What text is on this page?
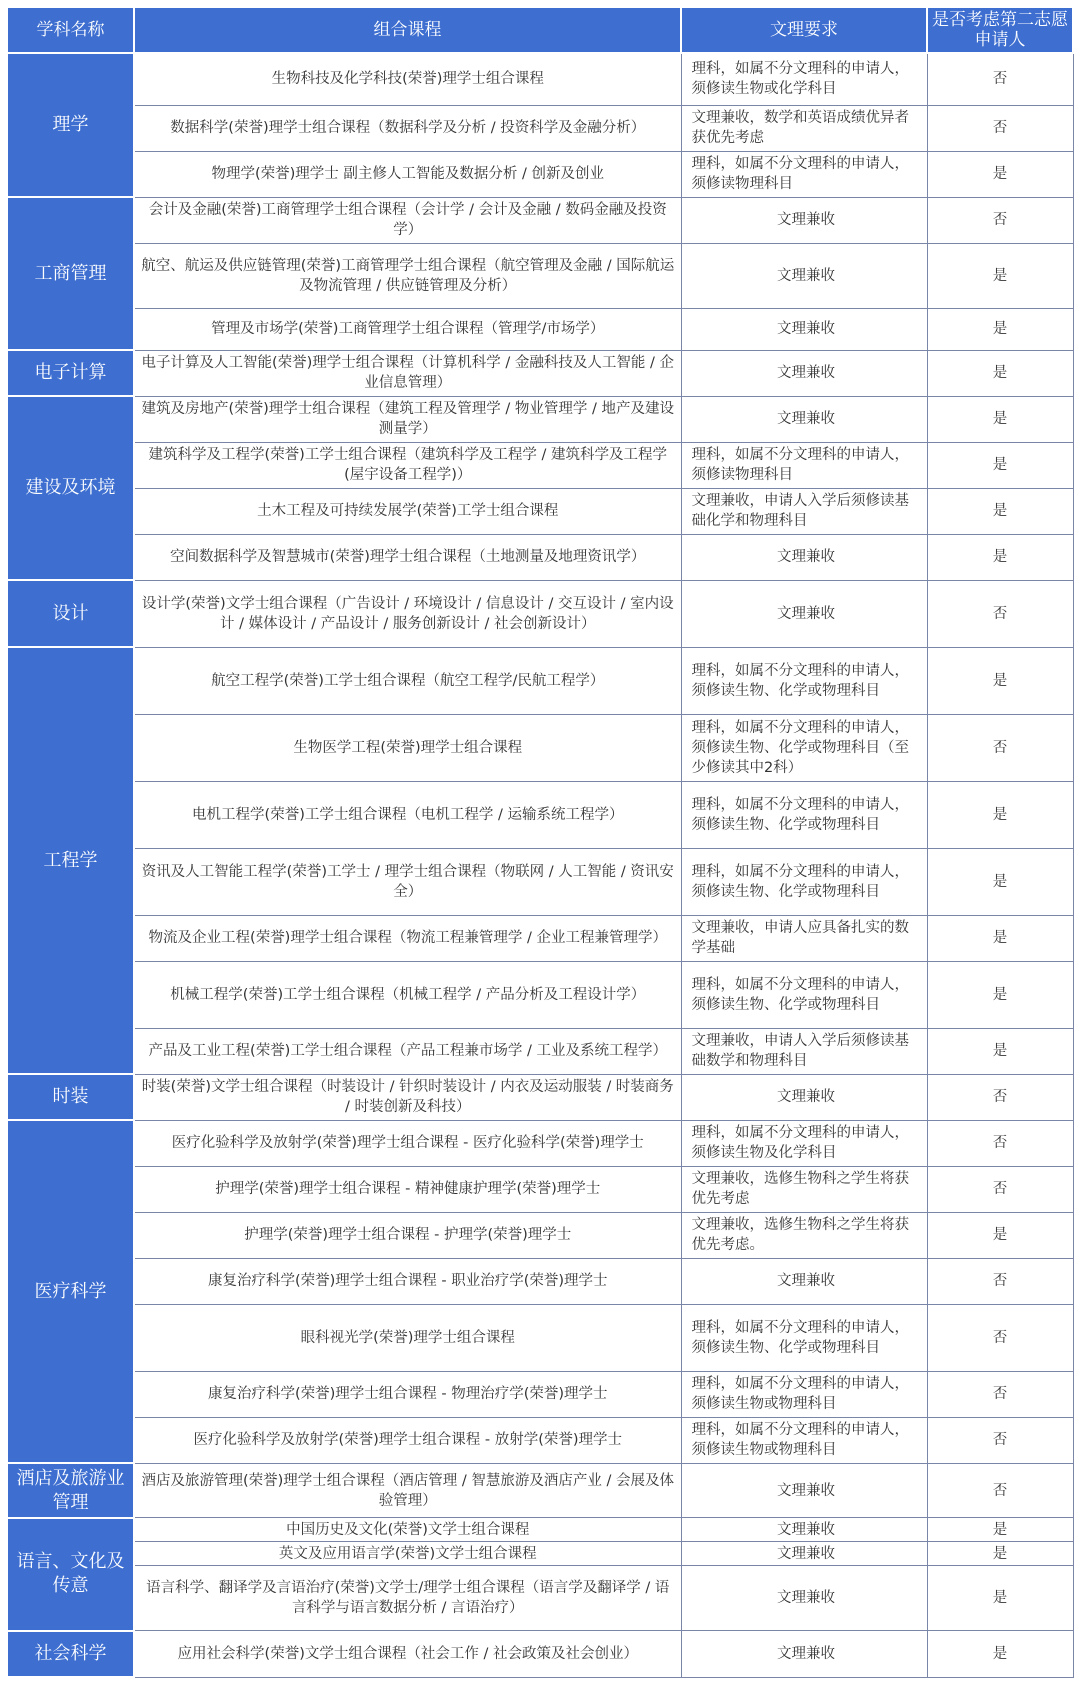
学科名称	组合课程	文理要求	是否考虑第二志愿申请人
理学	生物科技及化学科技(荣誉)理学士组合课程	理科，如属不分文理科的申请人，须修读生物或化学科目	否
	数据科学(荣誉)理学士组合课程（数据科学及分析 / 投资科学及金融分析）	文理兼收，数学和英语成绩优异者获优先考虑	否
	物理学(荣誉)理学士 副主修人工智能及数据分析 / 创新及创业	理科，如属不分文理科的申请人，须修读物理科目	是
工商管理	会计及金融(荣誉)工商管理学士组合课程（会计学 / 会计及金融 / 数码金融及投资学）	文理兼收	否
	航空、航运及供应链管理(荣誉)工商管理学士组合课程（航空管理及金融 / 国际航运及物流管理 / 供应链管理及分析）	文理兼收	是
	管理及市场学(荣誉)工商管理学士组合课程（管理学/市场学）	文理兼收	是
电子计算	电子计算及人工智能(荣誉)理学士组合课程（计算机科学 / 金融科技及人工智能 / 企业信息管理）	文理兼收	是
建设及环境	建筑及房地产(荣誉)理学士组合课程（建筑工程及管理学 / 物业管理学 / 地产及建设测量学）	文理兼收	是
	建筑科学及工程学(荣誉)工学士组合课程（建筑科学及工程学 / 建筑科学及工程学(屋宇设备工程学)）	理科，如属不分文理科的申请人，须修读物理科目	是
	土木工程及可持续发展学(荣誉)工学士组合课程	文理兼收，申请人入学后须修读基础化学和物理科目	是
	空间数据科学及智慧城市(荣誉)理学士组合课程（土地测量及地理资讯学）	文理兼收	是
设计	设计学(荣誉)文学士组合课程（广告设计 / 环境设计 / 信息设计 / 交互设计 / 室内设计 / 媒体设计 / 产品设计 / 服务创新设计 / 社会创新设计）	文理兼收	否
工程学	航空工程学(荣誉)工学士组合课程（航空工程学/民航工程学）	理科，如属不分文理科的申请人，须修读生物、化学或物理科目	是
	生物医学工程(荣誉)理学士组合课程	理科，如属不分文理科的申请人，须修读生物、化学或物理科目（至少修读其中2科）	否
	电机工程学(荣誉)工学士组合课程（电机工程学 / 运输系统工程学）	理科，如属不分文理科的申请人，须修读生物、化学或物理科目	是
	资讯及人工智能工程学(荣誉)工学士 / 理学士组合课程（物联网 / 人工智能 / 资讯安全）	理科，如属不分文理科的申请人，须修读生物、化学或物理科目	是
	物流及企业工程(荣誉)理学士组合课程（物流工程兼管理学 / 企业工程兼管理学）	文理兼收，申请人应具备扎实的数学基础	是
	机械工程学(荣誉)工学士组合课程（机械工程学 / 产品分析及工程设计学）	理科，如属不分文理科的申请人，须修读生物、化学或物理科目	是
	产品及工业工程(荣誉)工学士组合课程（产品工程兼市场学 / 工业及系统工程学）	文理兼收，申请人入学后须修读基础数学和物理科目	是
时装	时装(荣誉)文学士组合课程（时装设计 / 针织时装设计 / 内衣及运动服装 / 时装商务 / 时装创新及科技）	文理兼收	否
医疗科学	医疗化验科学及放射学(荣誉)理学士组合课程 - 医疗化验科学(荣誉)理学士	理科，如属不分文理科的申请人，须修读生物及化学科目	否
	护理学(荣誉)理学士组合课程 - 精神健康护理学(荣誉)理学士	文理兼收，选修生物科之学生将获优先考虑	否
	护理学(荣誉)理学士组合课程 - 护理学(荣誉)理学士	文理兼收，选修生物科之学生将获优先考虑。	是
	康复治疗科学(荣誉)理学士组合课程 - 职业治疗学(荣誉)理学士	文理兼收	否
	眼科视光学(荣誉)理学士组合课程	理科，如属不分文理科的申请人，须修读生物、化学或物理科目	否
	康复治疗科学(荣誉)理学士组合课程 - 物理治疗学(荣誉)理学士	理科，如属不分文理科的申请人，须修读生物或物理科目	否
	医疗化验科学及放射学(荣誉)理学士组合课程 - 放射学(荣誉)理学士	理科，如属不分文理科的申请人，须修读生物或物理科目	否
酒店及旅游业管理	酒店及旅游管理(荣誉)理学士组合课程（酒店管理 / 智慧旅游及酒店产业 / 会展及体验管理）	文理兼收	否
语言、文化及传意	中国历史及文化(荣誉)文学士组合课程	文理兼收	是
	英文及应用语言学(荣誉)文学士组合课程	文理兼收	是
	语言科学、翻译学及言语治疗(荣誉)文学士/理学士组合课程（语言学及翻译学 / 语言科学与语言数据分析 / 言语治疗）	文理兼收	是
社会科学	应用社会科学(荣誉)文学士组合课程（社会工作 / 社会政策及社会创业）	文理兼收	是
